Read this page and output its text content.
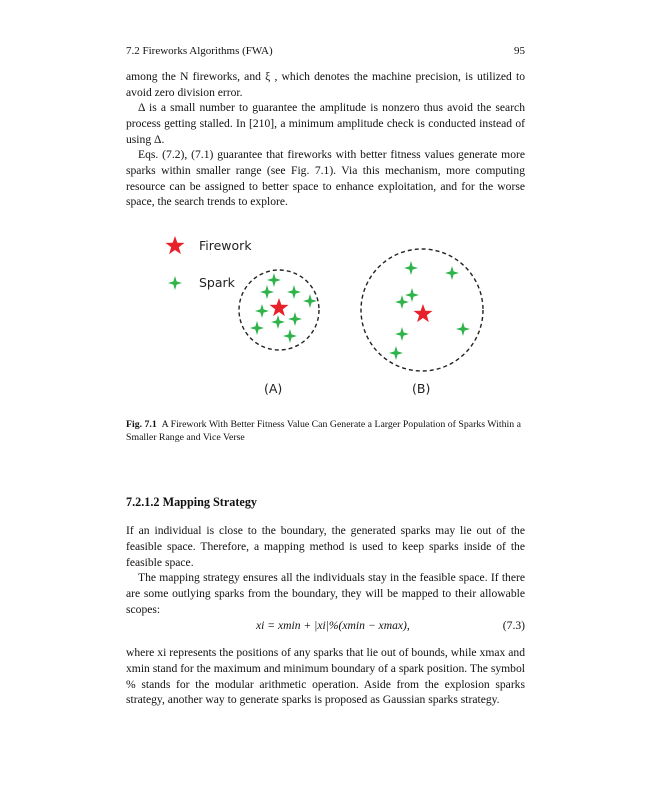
7.2 Fireworks Algorithms (FWA)	95

among the N fireworks, and ξ , which denotes the machine precision, is utilized to avoid zero division error.

Δ is a small number to guarantee the amplitude is nonzero thus avoid the search process getting stalled. In [210], a minimum amplitude check is conducted instead of using Δ.

Eqs. (7.2), (7.1) guarantee that fireworks with better fitness values generate more sparks within smaller range (see Fig. 7.1). Via this mechanism, more computing resource can be assigned to better space to enhance exploitation, and for the worse space, the search trends to explore.

Firework
Spark
(A)	(B)

Fig. 7.1 A Firework With Better Fitness Value Can Generate a Larger Population of Sparks Within a Smaller Range and Vice Verse

7.2.1.2 Mapping Strategy

If an individual is close to the boundary, the generated sparks may lie out of the feasible space. Therefore, a mapping method is used to keep sparks inside of the feasible space.

The mapping strategy ensures all the individuals stay in the feasible space. If there are some outlying sparks from the boundary, they will be mapped to their allowable scopes:

xi = xmin + |xi|%(xmin − xmax),	(7.3)

where xi represents the positions of any sparks that lie out of bounds, while xmax and xmin stand for the maximum and minimum boundary of a spark position. The symbol % stands for the modular arithmetic operation. Aside from the explosion sparks strategy, another way to generate sparks is proposed as Gaussian sparks strategy.
